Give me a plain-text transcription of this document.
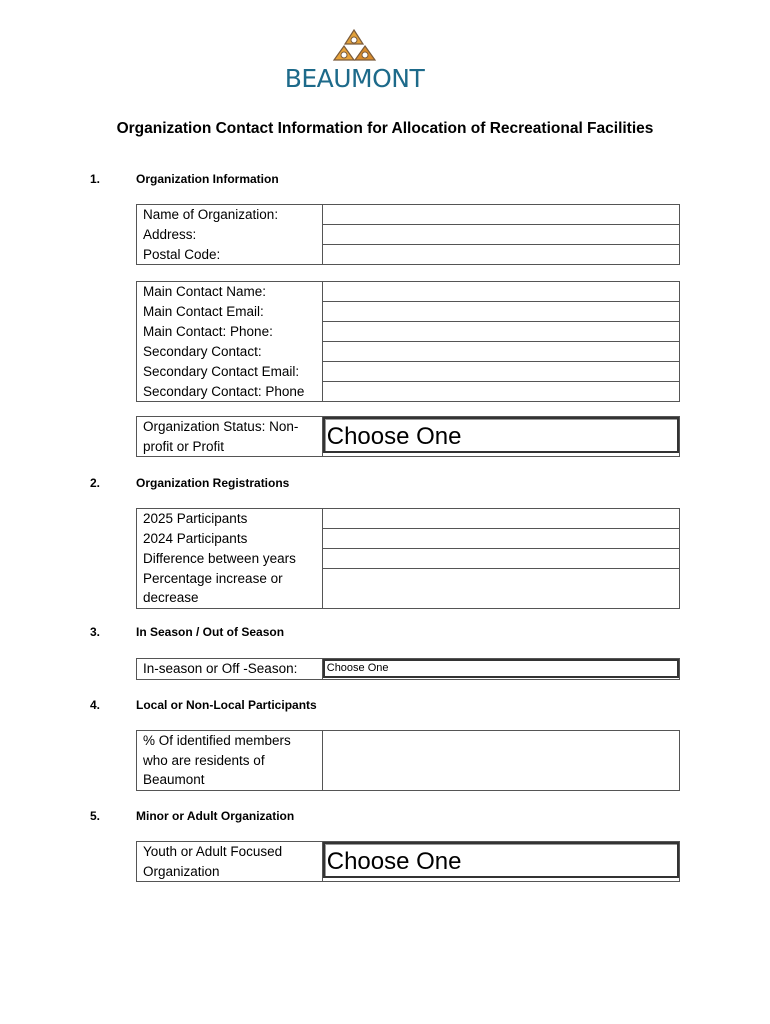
BEAUMONT
Organization Contact Information for Allocation of Recreational Facilities
1.	Organization Information
Name of Organization:	
Address:	
Postal Code:	
Main Contact Name:	
Main Contact Email:	
Main Contact: Phone:	
Secondary Contact:	
Secondary Contact Email:	
Secondary Contact: Phone	
Organization Status: Non-profit or Profit	Choose One
2.	Organization Registrations
2025 Participants	
2024 Participants	
Difference between years	
Percentage increase or decrease	
3.	In Season / Out of Season
In-season or Off -Season:	Choose One
4.	Local or Non-Local Participants
% Of identified members who are residents of Beaumont	
5.	Minor or Adult Organization
Youth or Adult Focused Organization	Choose One
